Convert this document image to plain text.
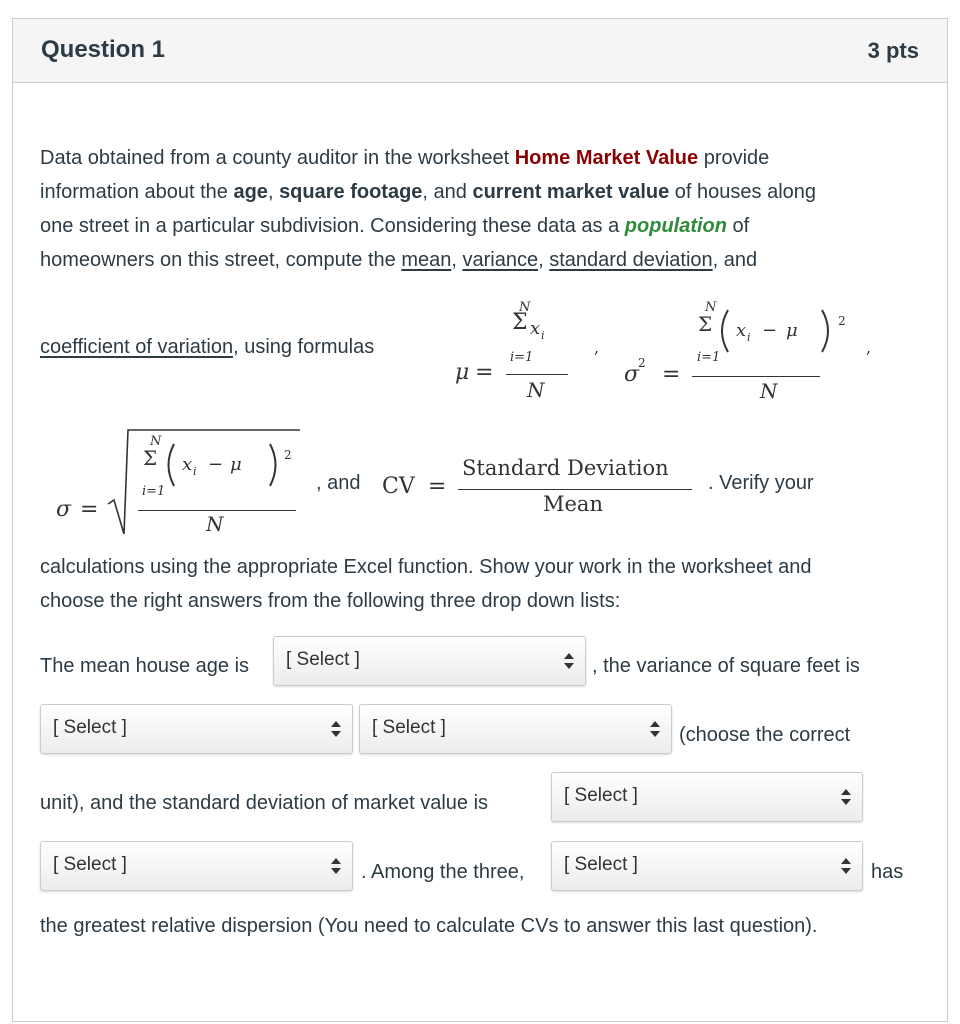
Question 1	3 pts
Data obtained from a county auditor in the worksheet Home Market Value provide
information about the age, square footage, and current market value of houses along
one street in a particular subdivision. Considering these data as a population of
homeowners on this street, compute the mean, variance, standard deviation, and
coefficient of variation, using formulas
μ =
N
Σ x i
i=1
N
,
σ
2 =
N
Σ
i=1
x i − μ	2
N
,
σ =
N
Σ
i=1
x i − μ	2
N
, and CV =
Standard Deviation
Mean
. Verify your
calculations using the appropriate Excel function. Show your work in the worksheet and
choose the right answers from the following three drop down lists:
The mean house age is [ Select ]	, the variance of square feet is
[ Select ]	[ Select ]	(choose the correct
unit), and the standard deviation of market value is	[ Select ]
[ Select ]	. Among the three, [ Select ]	has
the greatest relative dispersion (You need to calculate CVs to answer this last question).
